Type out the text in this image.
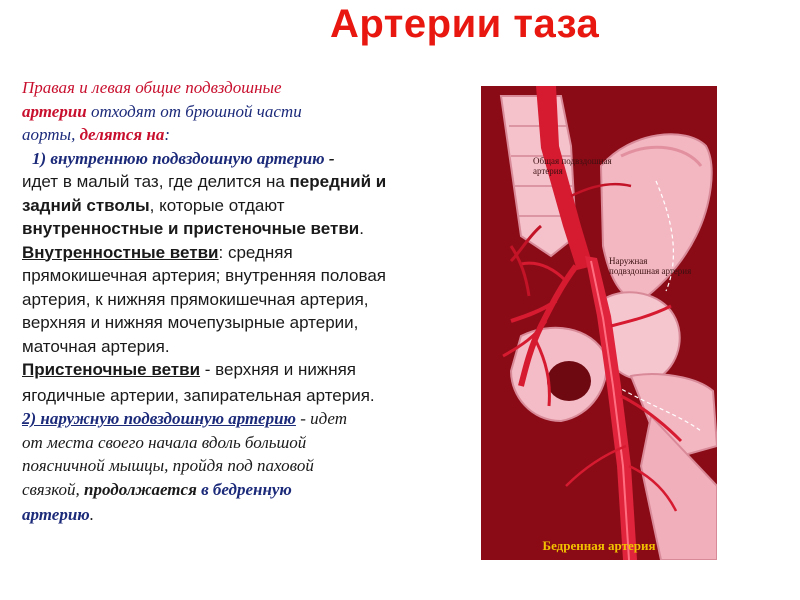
Артерии таза
Правая и левая общие подвздошные
артерии отходят от брюшной части
аорты, делятся на:
1) внутреннюю подвздошную артерию -
идет в малый таз, где делится на передний и
задний стволы, которые отдают
внутренностные и пристеночные ветви.
Внутренностные ветви: средняя
прямокишечная артерия; внутренняя половая
артерия, к нижняя прямокишечная артерия,
верхняя и нижняя мочепузырные артерии,
маточная артерия.
Пристеночные ветви - верхняя и нижняя
ягодичные артерии, запирательная артерия.
2) наружную подвздошную артерию - идет
от места своего начала вдоль большой
поясничной мышцы, пройдя под паховой
связкой, продолжается в бедренную
артерию.
Общая подвздошная артерия
Наружная подвздошная артерия
Бедренная артерия
